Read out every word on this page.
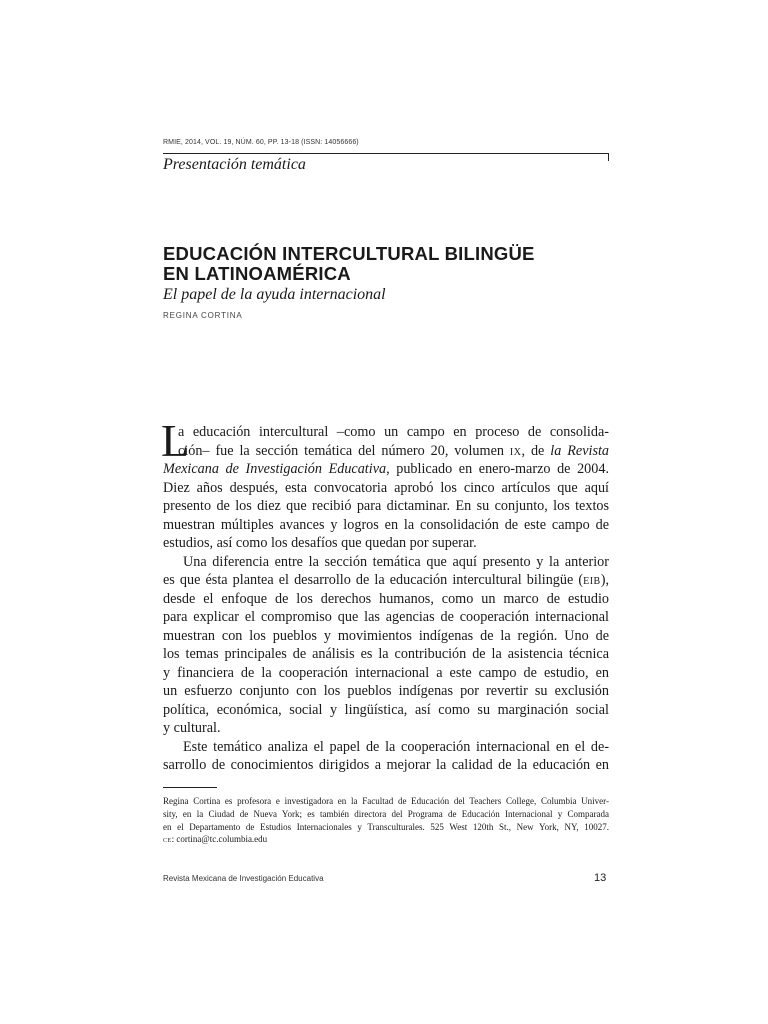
RMIE, 2014, VOL. 19, NÚM. 60, PP. 13-18 (ISSN: 14056666)
Presentación temática
EDUCACIÓN INTERCULTURAL BILINGÜE
EN LATINOAMÉRICA
El papel de la ayuda internacional
REGINA CORTINA
L
a educación intercultural –como un campo en proceso de consolida-
ción– fue la sección temática del número 20, volumen ix, de la Revista
Mexicana de Investigación Educativa, publicado en enero-marzo de 2004.
Diez años después, esta convocatoria aprobó los cinco artículos que aquí
presento de los diez que recibió para dictaminar. En su conjunto, los textos
muestran múltiples avances y logros en la consolidación de este campo de
estudios, así como los desafíos que quedan por superar.
Una diferencia entre la sección temática que aquí presento y la anterior
es que ésta plantea el desarrollo de la educación intercultural bilingüe (eib),
desde el enfoque de los derechos humanos, como un marco de estudio
para explicar el compromiso que las agencias de cooperación internacional
muestran con los pueblos y movimientos indígenas de la región. Uno de
los temas principales de análisis es la contribución de la asistencia técnica
y financiera de la cooperación internacional a este campo de estudio, en
un esfuerzo conjunto con los pueblos indígenas por revertir su exclusión
política, económica, social y lingüística, así como su marginación social
y cultural.
Este temático analiza el papel de la cooperación internacional en el de-
sarrollo de conocimientos dirigidos a mejorar la calidad de la educación en
Regina Cortina es profesora e investigadora en la Facultad de Educación del Teachers College, Columbia Univer-
sity, en la Ciudad de Nueva York; es también directora del Programa de Educación Internacional y Comparada
en el Departamento de Estudios Internacionales y Transculturales. 525 West 120th St., New York, NY, 10027.
ce: cortina@tc.columbia.edu
Revista Mexicana de Investigación Educativa	13
